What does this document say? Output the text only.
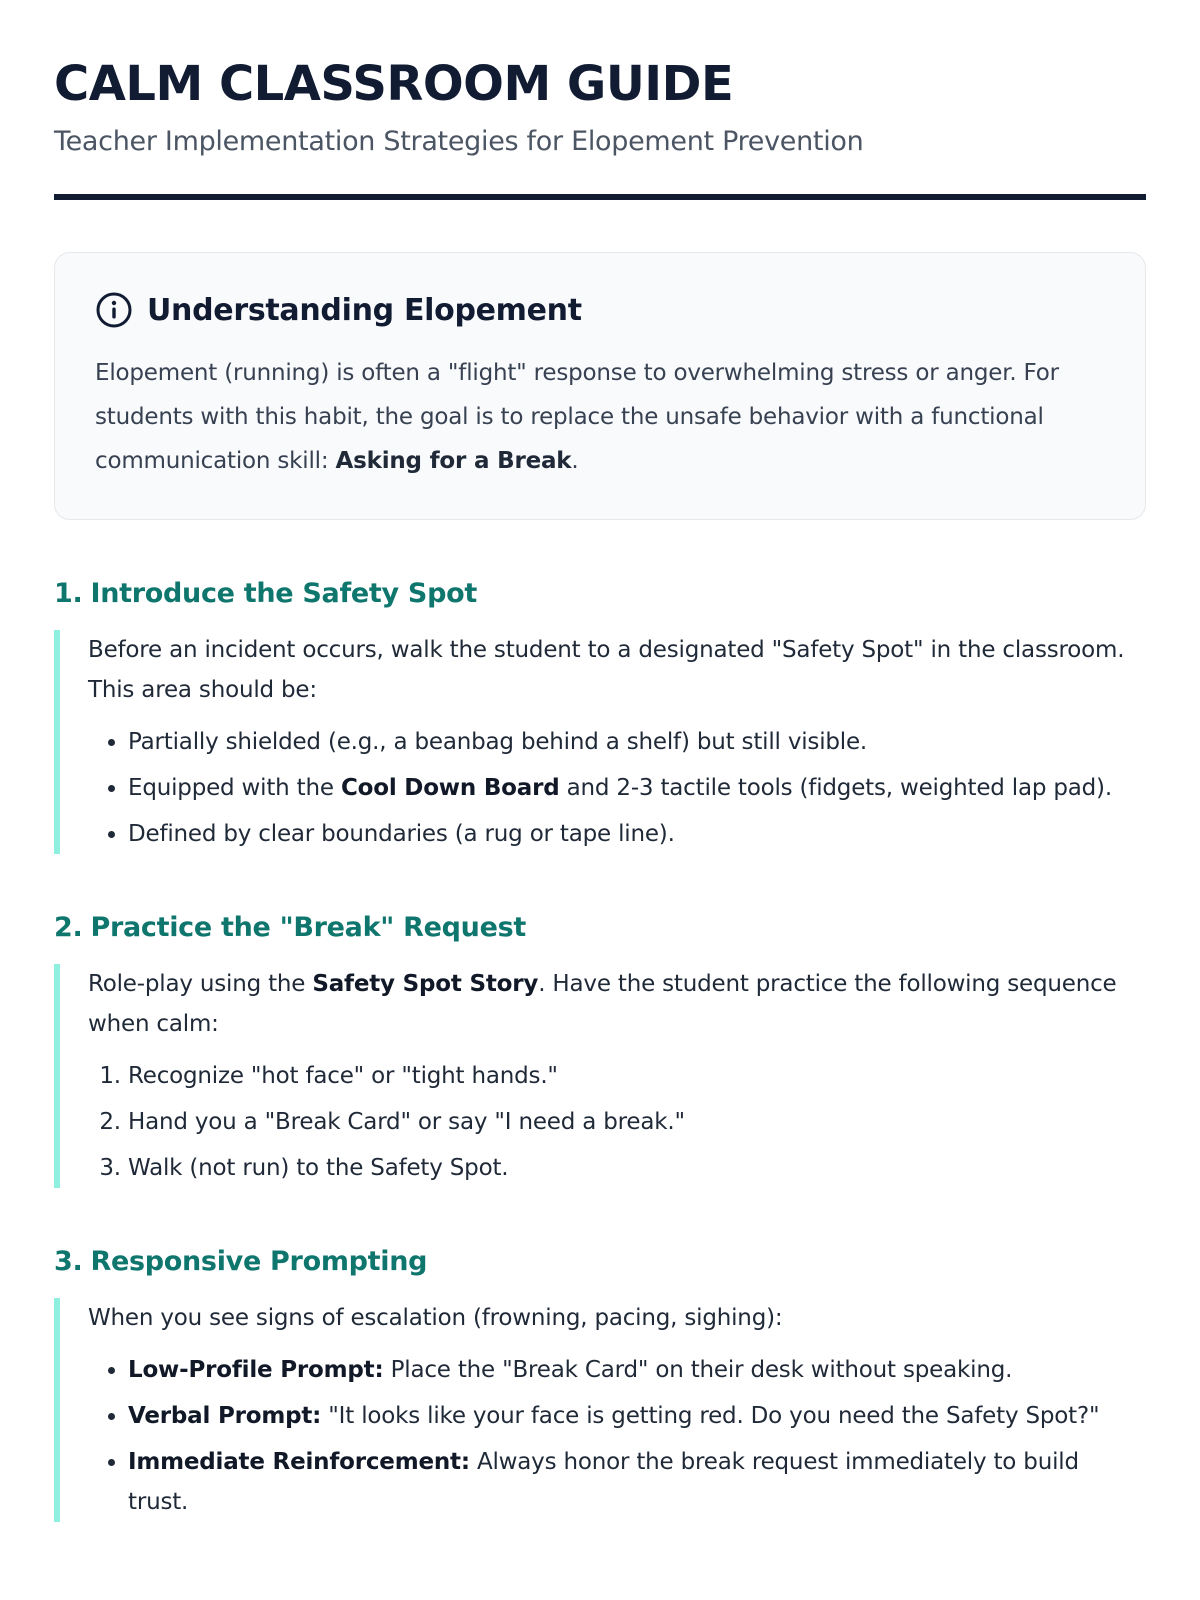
CALM CLASSROOM GUIDE
Teacher Implementation Strategies for Elopement Prevention
Understanding Elopement
Elopement (running) is often a "flight" response to overwhelming stress or anger. For students with this habit, the goal is to replace the unsafe behavior with a functional communication skill: Asking for a Break.
1. Introduce the Safety Spot

Before an incident occurs, walk the student to a designated "Safety Spot" in the classroom. This area should be:

• Partially shielded (e.g., a beanbag behind a shelf) but still visible.
• Equipped with the Cool Down Board and 2-3 tactile tools (fidgets, weighted lap pad).
• Defined by clear boundaries (a rug or tape line).
2. Practice the "Break" Request

Role-play using the Safety Spot Story. Have the student practice the following sequence when calm:

1. Recognize "hot face" or "tight hands."
2. Hand you a "Break Card" or say "I need a break."
3. Walk (not run) to the Safety Spot.
3. Responsive Prompting

When you see signs of escalation (frowning, pacing, sighing):

• Low-Profile Prompt: Place the "Break Card" on their desk without speaking.
• Verbal Prompt: "It looks like your face is getting red. Do you need the Safety Spot?"
• Immediate Reinforcement: Always honor the break request immediately to build trust.
